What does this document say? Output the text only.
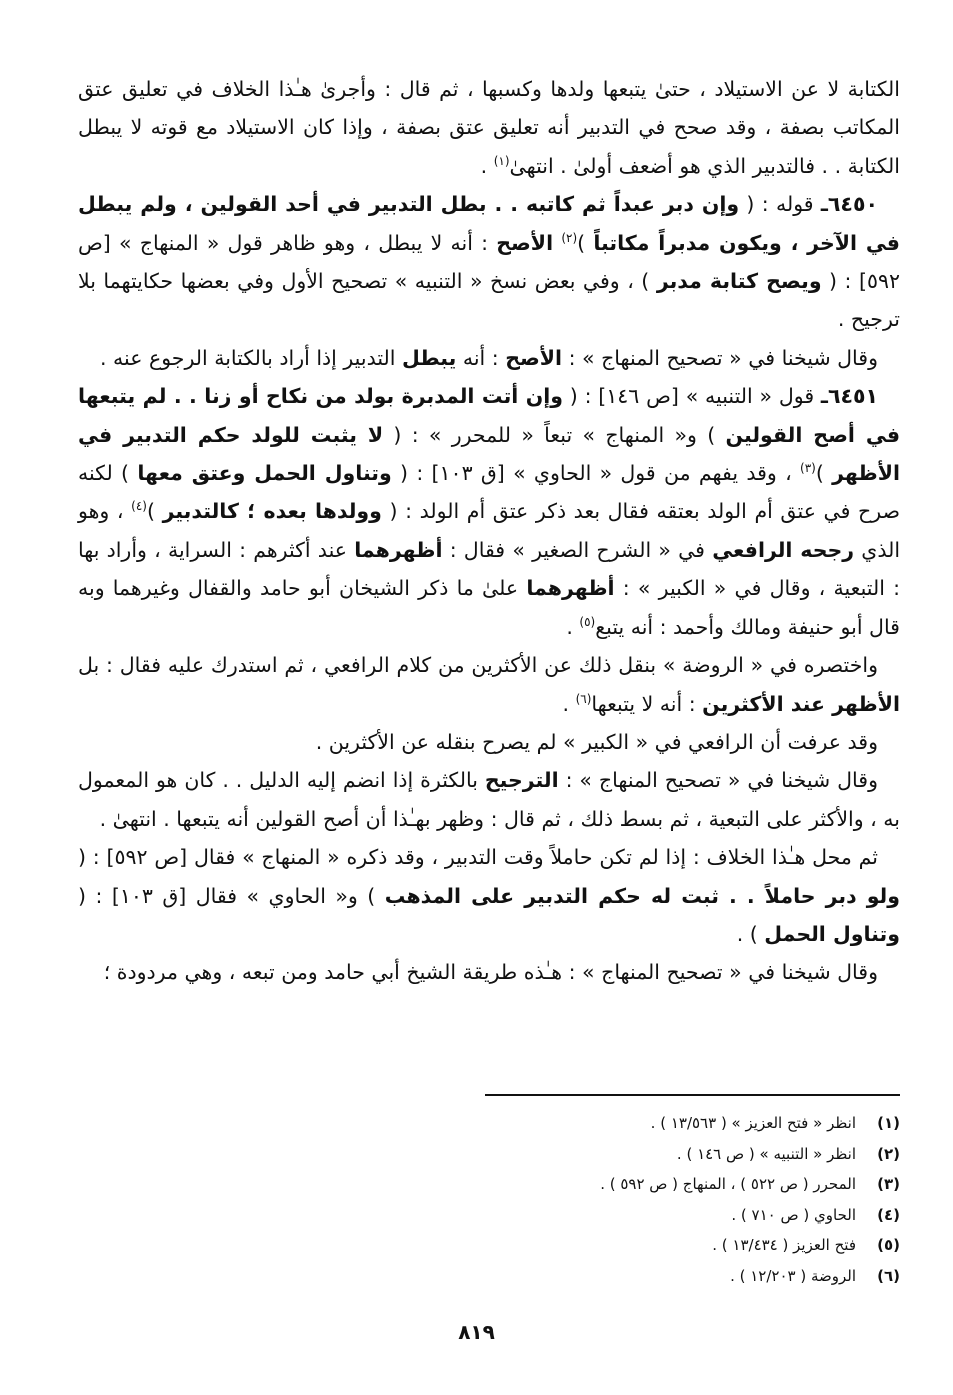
الكتابة لا عن الاستيلاد ، حتىٰ يتبعها ولدها وكسبها ، ثم قال : وأجرىٰ هـٰذا الخلاف في تعليق عتق المكاتب بصفة ، وقد صحح في التدبير أنه تعليق عتق بصفة ، وإذا كان الاستيلاد مع قوته لا يبطل الكتابة . . فالتدبير الذي هو أضعف أولىٰ . انتهىٰ$^{(١)}$ .

٦٤٥٠ـ قوله : ( وإن دبر عبداً ثم كاتبه . . بطل التدبير في أحد القولين ، ولم يبطل في الآخر ، ويكون مدبراً مكاتباً )$^{(٢)}$ الأصح : أنه لا يبطل ، وهو ظاهر قول « المنهاج » [ص ٥٩٢] : ( ويصح كتابة مدبر ) ، وفي بعض نسخ « التنبيه » تصحيح الأول وفي بعضها حكايتهما بلا ترجيح .

وقال شيخنا في « تصحيح المنهاج » : الأصح : أنه يبطل التدبير إذا أراد بالكتابة الرجوع عنه .

٦٤٥١ـ قول « التنبيه » [ص ١٤٦] : ( وإن أتت المدبرة بولد من نكاح أو زنا . . لم يتبعها في أصح القولين ) و« المنهاج » تبعاً « للمحرر » : ( لا يثبت للولد حكم التدبير في الأظهر )$^{(٣)}$ ، وقد يفهم من قول « الحاوي » [ق ١٠٣] : ( وتناول الحمل وعتق معها ) لكنه صرح في عتق أم الولد بعتقه فقال بعد ذكر عتق أم الولد : ( وولدها بعده ؛ كالتدبير )$^{(٤)}$ ، وهو الذي رجحه الرافعي في « الشرح الصغير » فقال : أظهرهما عند أكثرهم : السراية ، وأراد بها : التبعية ، وقال في « الكبير » : أظهرهما علىٰ ما ذكر الشيخان أبو حامد والقفال وغيرهما وبه قال أبو حنيفة ومالك وأحمد : أنه يتبع$^{(٥)}$ .

واختصره في « الروضة » بنقل ذلك عن الأكثرين من كلام الرافعي ، ثم استدرك عليه فقال : بل الأظهر عند الأكثرين : أنه لا يتبعها$^{(٦)}$ .

وقد عرفت أن الرافعي في « الكبير » لم يصرح بنقله عن الأكثرين .

وقال شيخنا في « تصحيح المنهاج » : الترجيح بالكثرة إذا انضم إليه الدليل . . كان هو المعمول به ، والأكثر على التبعية ، ثم بسط ذلك ، ثم قال : وظهر بهـٰذا أن أصح القولين أنه يتبعها . انتهىٰ .

ثم محل هـٰذا الخلاف : إذا لم تكن حاملاً وقت التدبير ، وقد ذكره « المنهاج » فقال [ص ٥٩٢] : ( ولو دبر حاملاً . . ثبت له حكم التدبير على المذهب ) و« الحاوي » فقال [ق ١٠٣] : ( وتناول الحمل ) .

وقال شيخنا في « تصحيح المنهاج » : هـٰذه طريقة الشيخ أبي حامد ومن تبعه ، وهي مردودة ؛

(١)
انظر « فتح العزيز » ( ١٣/٥٦٣ ) .
(٢)
انظر « التنبيه » ( ص ١٤٦ ) .
(٣)
المحرر ( ص ٥٢٢ ) ، المنهاج ( ص ٥٩٢ ) .
(٤)
الحاوي ( ص ٧١٠ ) .
(٥)
فتح العزيز ( ١٣/٤٣٤ ) .
(٦)
الروضة ( ١٢/٢٠٣ ) .
٨١٩
